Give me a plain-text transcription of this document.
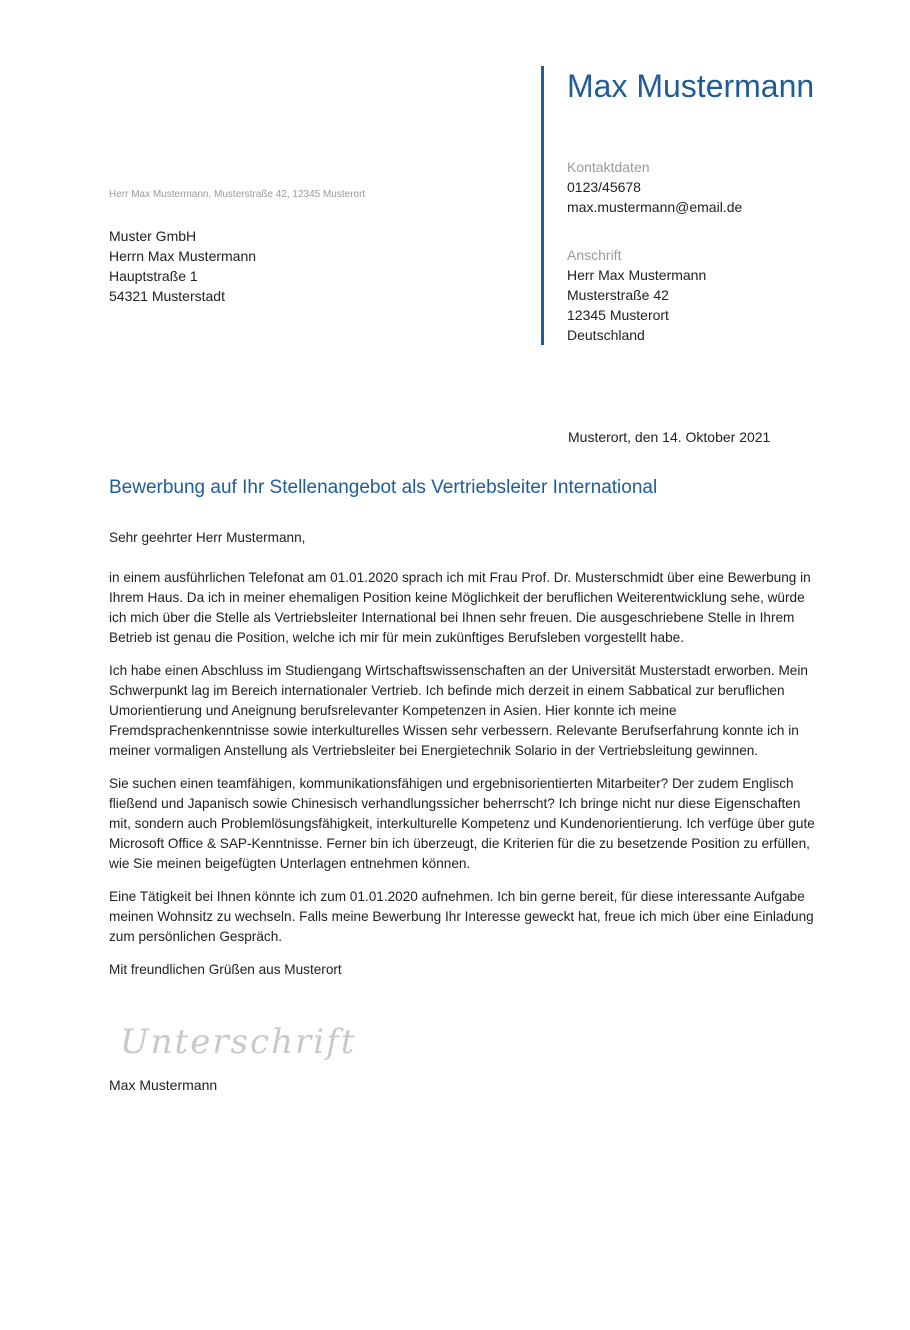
Max Mustermann
Kontaktdaten
0123/45678
max.mustermann@email.de
Anschrift
Herr Max Mustermann
Musterstraße 42
12345 Musterort
Deutschland
Herr Max Mustermann, Musterstraße 42, 12345 Musterort
Muster GmbH
Herrn Max Mustermann
Hauptstraße 1
54321 Musterstadt
Musterort, den 14. Oktober 2021
Bewerbung auf Ihr Stellenangebot als Vertriebsleiter International

Sehr geehrter Herr Mustermann,

in einem ausführlichen Telefonat am 01.01.2020 sprach ich mit Frau Prof. Dr. Musterschmidt über eine Bewerbung in Ihrem Haus. Da ich in meiner ehemaligen Position keine Möglichkeit der beruflichen Weiterentwicklung sehe, würde ich mich über die Stelle als Vertriebsleiter International bei Ihnen sehr freuen. Die ausgeschriebene Stelle in Ihrem Betrieb ist genau die Position, welche ich mir für mein zukünftiges Berufsleben vorgestellt habe.

Ich habe einen Abschluss im Studiengang Wirtschaftswissenschaften an der Universität Musterstadt erworben. Mein Schwerpunkt lag im Bereich internationaler Vertrieb. Ich befinde mich derzeit in einem Sabbatical zur beruflichen Umorientierung und Aneignung berufsrelevanter Kompetenzen in Asien. Hier konnte ich meine Fremdsprachenkenntnisse sowie interkulturelles Wissen sehr verbessern. Relevante Berufserfahrung konnte ich in meiner vormaligen Anstellung als Vertriebsleiter bei Energietechnik Solario in der Vertriebsleitung gewinnen.

Sie suchen einen teamfähigen, kommunikationsfähigen und ergebnisorientierten Mitarbeiter? Der zudem Englisch fließend und Japanisch sowie Chinesisch verhandlungssicher beherrscht? Ich bringe nicht nur diese Eigenschaften mit, sondern auch Problemlösungsfähigkeit, interkulturelle Kompetenz und Kundenorientierung. Ich verfüge über gute Microsoft Office & SAP-Kenntnisse. Ferner bin ich überzeugt, die Kriterien für die zu besetzende Position zu erfüllen, wie Sie meinen beigefügten Unterlagen entnehmen können.

Eine Tätigkeit bei Ihnen könnte ich zum 01.01.2020 aufnehmen. Ich bin gerne bereit, für diese interessante Aufgabe meinen Wohnsitz zu wechseln. Falls meine Bewerbung Ihr Interesse geweckt hat, freue ich mich über eine Einladung zum persönlichen Gespräch.

Mit freundlichen Grüßen aus Musterort

Unterschrift
Max Mustermann
